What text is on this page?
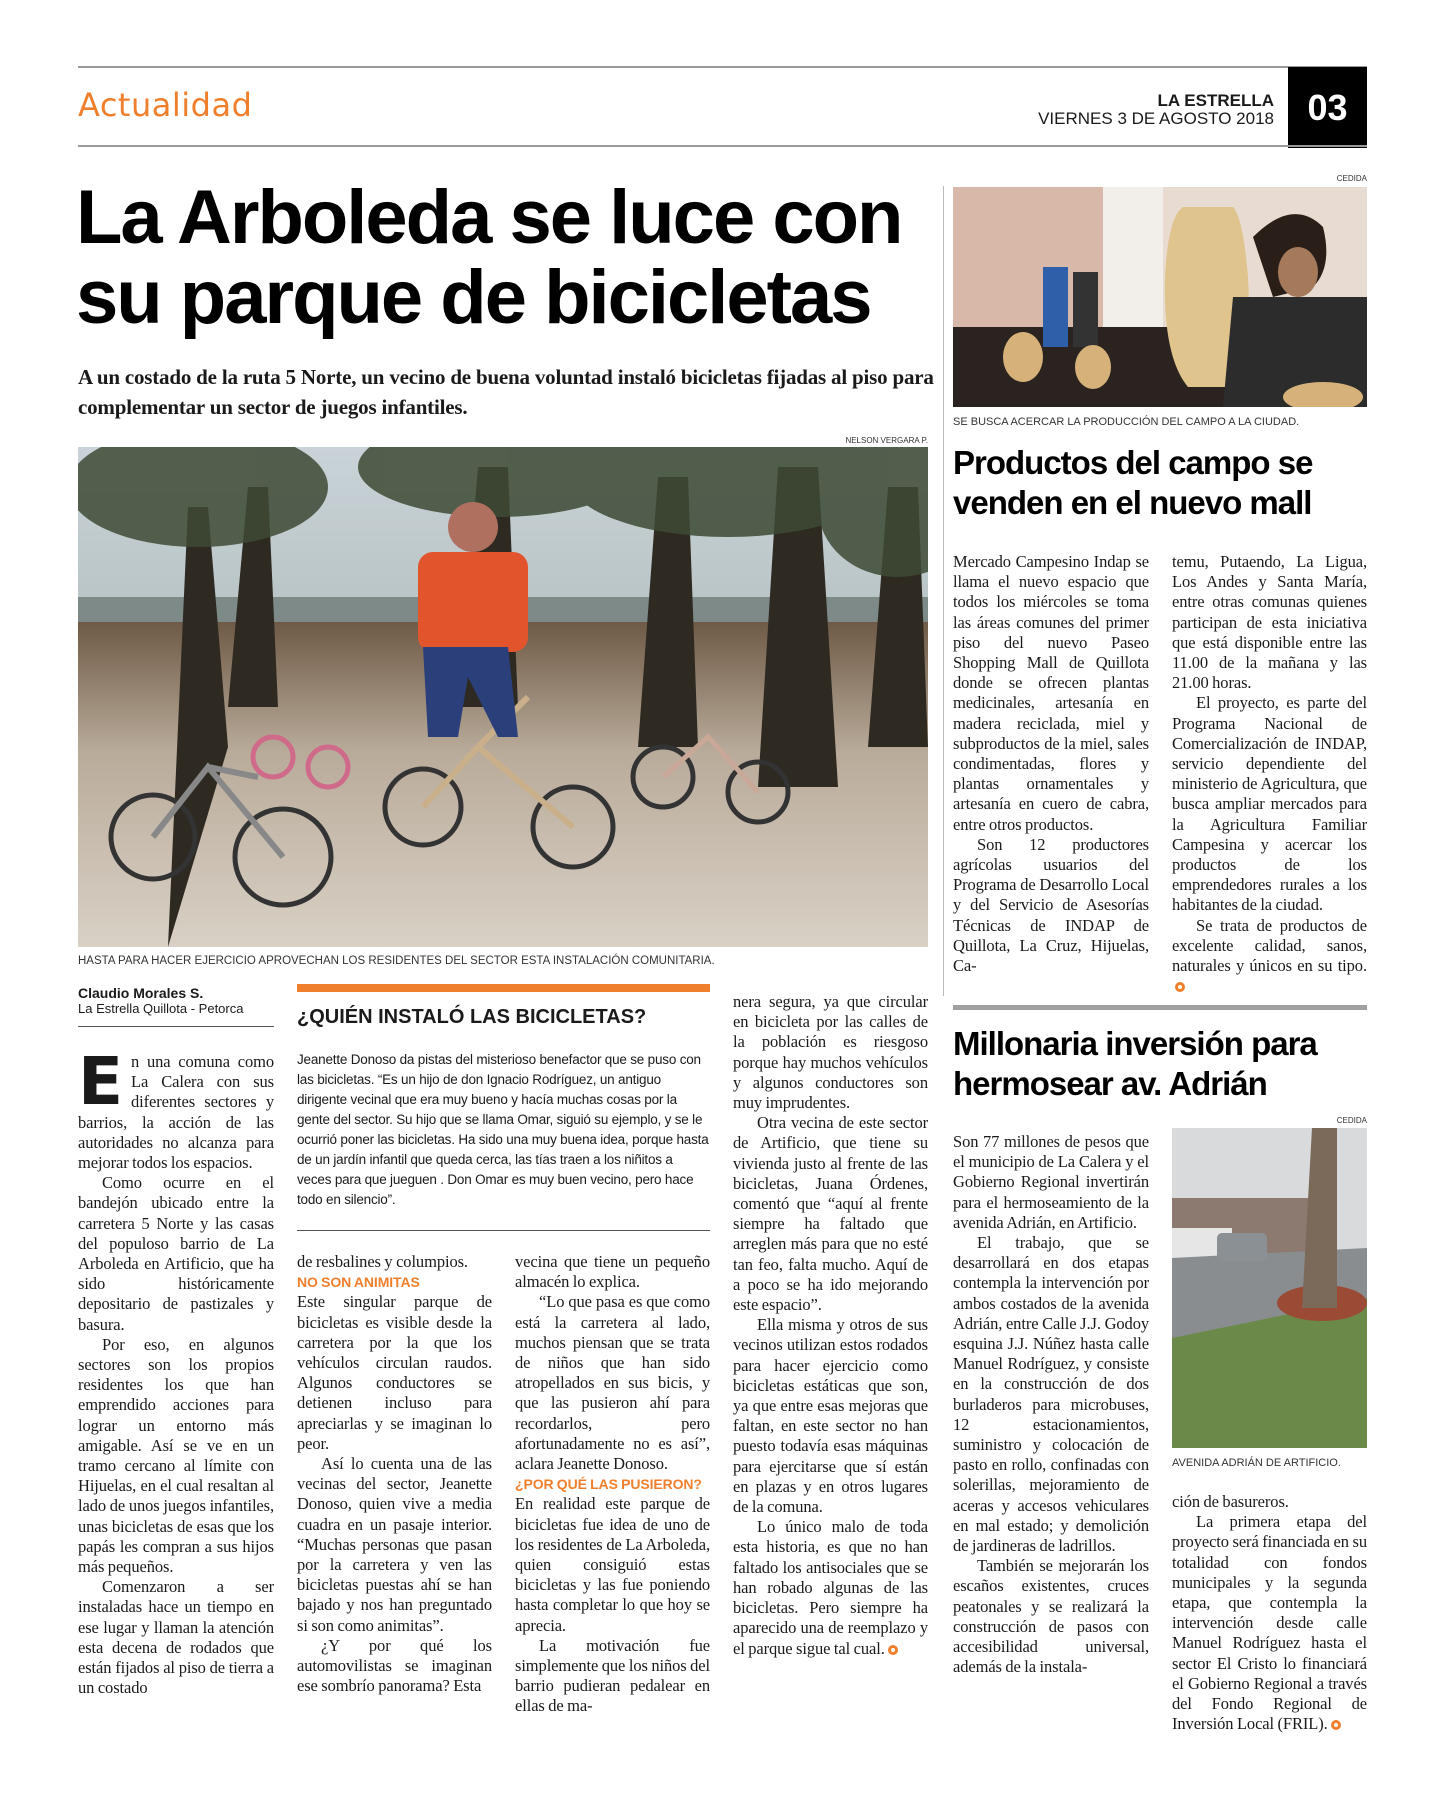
Actualidad	LA ESTRELLA
VIERNES 3 DE AGOSTO 2018 03
La Arboleda se luce con su parque de bicicletas
A un costado de la ruta 5 Norte, un vecino de buena voluntad instaló bicicletas fijadas al piso para complementar un sector de juegos infantiles.
NELSON VERGARA P.
HASTA PARA HACER EJERCICIO APROVECHAN LOS RESIDENTES DEL SECTOR ESTA INSTALACIÓN COMUNITARIA.
Claudio Morales S.
La Estrella Quillota - Petorca

En una comuna como La Calera con sus diferentes sectores y barrios, la acción de las autoridades no alcanza para mejorar todos los espacios.

Como ocurre en el bandejón ubicado entre la carretera 5 Norte y las casas del populoso barrio de La Arboleda en Artificio, que ha sido históricamente depositario de pastizales y basura.

Por eso, en algunos sectores son los propios residentes los que han emprendido acciones para lograr un entorno más amigable. Así se ve en un tramo cercano al límite con Hijuelas, en el cual resaltan al lado de unos juegos infantiles, unas bicicletas de esas que los papás les compran a sus hijos más pequeños.

Comenzaron a ser instaladas hace un tiempo en ese lugar y llaman la atención esta decena de rodados que están fijados al piso de tierra a un costado

¿QUIÉN INSTALÓ LAS BICICLETAS?
Jeanette Donoso da pistas del misterioso benefactor que se puso con las bicicletas. “Es un hijo de don Ignacio Rodríguez, un antiguo dirigente vecinal que era muy bueno y hacía muchas cosas por la gente del sector. Su hijo que se llama Omar, siguió su ejemplo, y se le ocurrió poner las bicicletas. Ha sido una muy buena idea, porque hasta de un jardín infantil que queda cerca, las tías traen a los niñitos a veces para que jueguen . Don Omar es muy buen vecino, pero hace todo en silencio”.

de resbalines y columpios.

NO SON ANIMITAS

Este singular parque de bicicletas es visible desde la carretera por la que los vehículos circulan raudos. Algunos conductores se detienen incluso para apreciarlas y se imaginan lo peor.

Así lo cuenta una de las vecinas del sector, Jeanette Donoso, quien vive a media cuadra en un pasaje interior. “Muchas personas que pasan por la carretera y ven las bicicletas puestas ahí se han bajado y nos han preguntado si son como animitas”.

¿Y por qué los automovilistas se imaginan ese sombrío panorama? Esta

vecina que tiene un pequeño almacén lo explica.

“Lo que pasa es que como está la carretera al lado, muchos piensan que se trata de niños que han sido atropellados en sus bicis, y que las pusieron ahí para recordarlos, pero afortunadamente no es así”, aclara Jeanette Donoso.

¿POR QUÉ LAS PUSIERON?

En realidad este parque de bicicletas fue idea de uno de los residentes de La Arboleda, quien consiguió estas bicicletas y las fue poniendo hasta completar lo que hoy se aprecia.

La motivación fue simplemente que los niños del barrio pudieran pedalear en ellas de ma-

nera segura, ya que circular en bicicleta por las calles de la población es riesgoso porque hay muchos vehículos y algunos conductores son muy imprudentes.

Otra vecina de este sector de Artificio, que tiene su vivienda justo al frente de las bicicletas, Juana Órdenes, comentó que “aquí al frente siempre ha faltado que arreglen más para que no esté tan feo, falta mucho. Aquí de a poco se ha ido mejorando este espacio”.

Ella misma y otros de sus vecinos utilizan estos rodados para hacer ejercicio como bicicletas estáticas que son, ya que entre esas mejoras que faltan, en este sector no han puesto todavía esas máquinas para ejercitarse que sí están en plazas y en otros lugares de la comuna.

Lo único malo de toda esta historia, es que no han faltado los antisociales que se han robado algunas de las bicicletas. Pero siempre ha aparecido una de reemplazo y el parque sigue tal cual.

CEDIDA
SE BUSCA ACERCAR LA PRODUCCIÓN DEL CAMPO A LA CIUDAD.
Productos del campo se venden en el nuevo mall

Mercado Campesino Indap se llama el nuevo espacio que todos los miércoles se toma las áreas comunes del primer piso del nuevo Paseo Shopping Mall de Quillota donde se ofrecen plantas medicinales, artesanía en madera reciclada, miel y subproductos de la miel, sales condimentadas, flores y plantas ornamentales y artesanía en cuero de cabra, entre otros productos.

Son 12 productores agrícolas usuarios del Programa de Desarrollo Local y del Servicio de Asesorías Técnicas de INDAP de Quillota, La Cruz, Hijuelas, Ca-

temu, Putaendo, La Ligua, Los Andes y Santa María, entre otras comunas quienes participan de esta iniciativa que está disponible entre las 11.00 de la mañana y las 21.00 horas.

El proyecto, es parte del Programa Nacional de Comercialización de INDAP, servicio dependiente del ministerio de Agricultura, que busca ampliar mercados para la Agricultura Familiar Campesina y acercar los productos de los emprendedores rurales a los habitantes de la ciudad.

Se trata de productos de excelente calidad, sanos, naturales y únicos en su tipo.

Millonaria inversión para hermosear av. Adrián
CEDIDA

Son 77 millones de pesos que el municipio de La Calera y el Gobierno Regional invertirán para el hermoseamiento de la avenida Adrián, en Artificio.

El trabajo, que se desarrollará en dos etapas contempla la intervención por ambos costados de la avenida Adrián, entre Calle J.J. Godoy esquina J.J. Núñez hasta calle Manuel Rodríguez, y consiste en la construcción de dos burladeros para microbuses, 12 estacionamientos, suministro y colocación de pasto en rollo, confinadas con solerillas, mejoramiento de aceras y accesos vehiculares en mal estado; y demolición de jardineras de ladrillos.

También se mejorarán los escaños existentes, cruces peatonales y se realizará la construcción de pasos con accesibilidad universal, además de la instala-

AVENIDA ADRIÁN DE ARTIFICIO.

ción de basureros.

La primera etapa del proyecto será financiada en su totalidad con fondos municipales y la segunda etapa, que contempla la intervención desde calle Manuel Rodríguez hasta el sector El Cristo lo financiará el Gobierno Regional a través del Fondo Regional de Inversión Local (FRIL).
